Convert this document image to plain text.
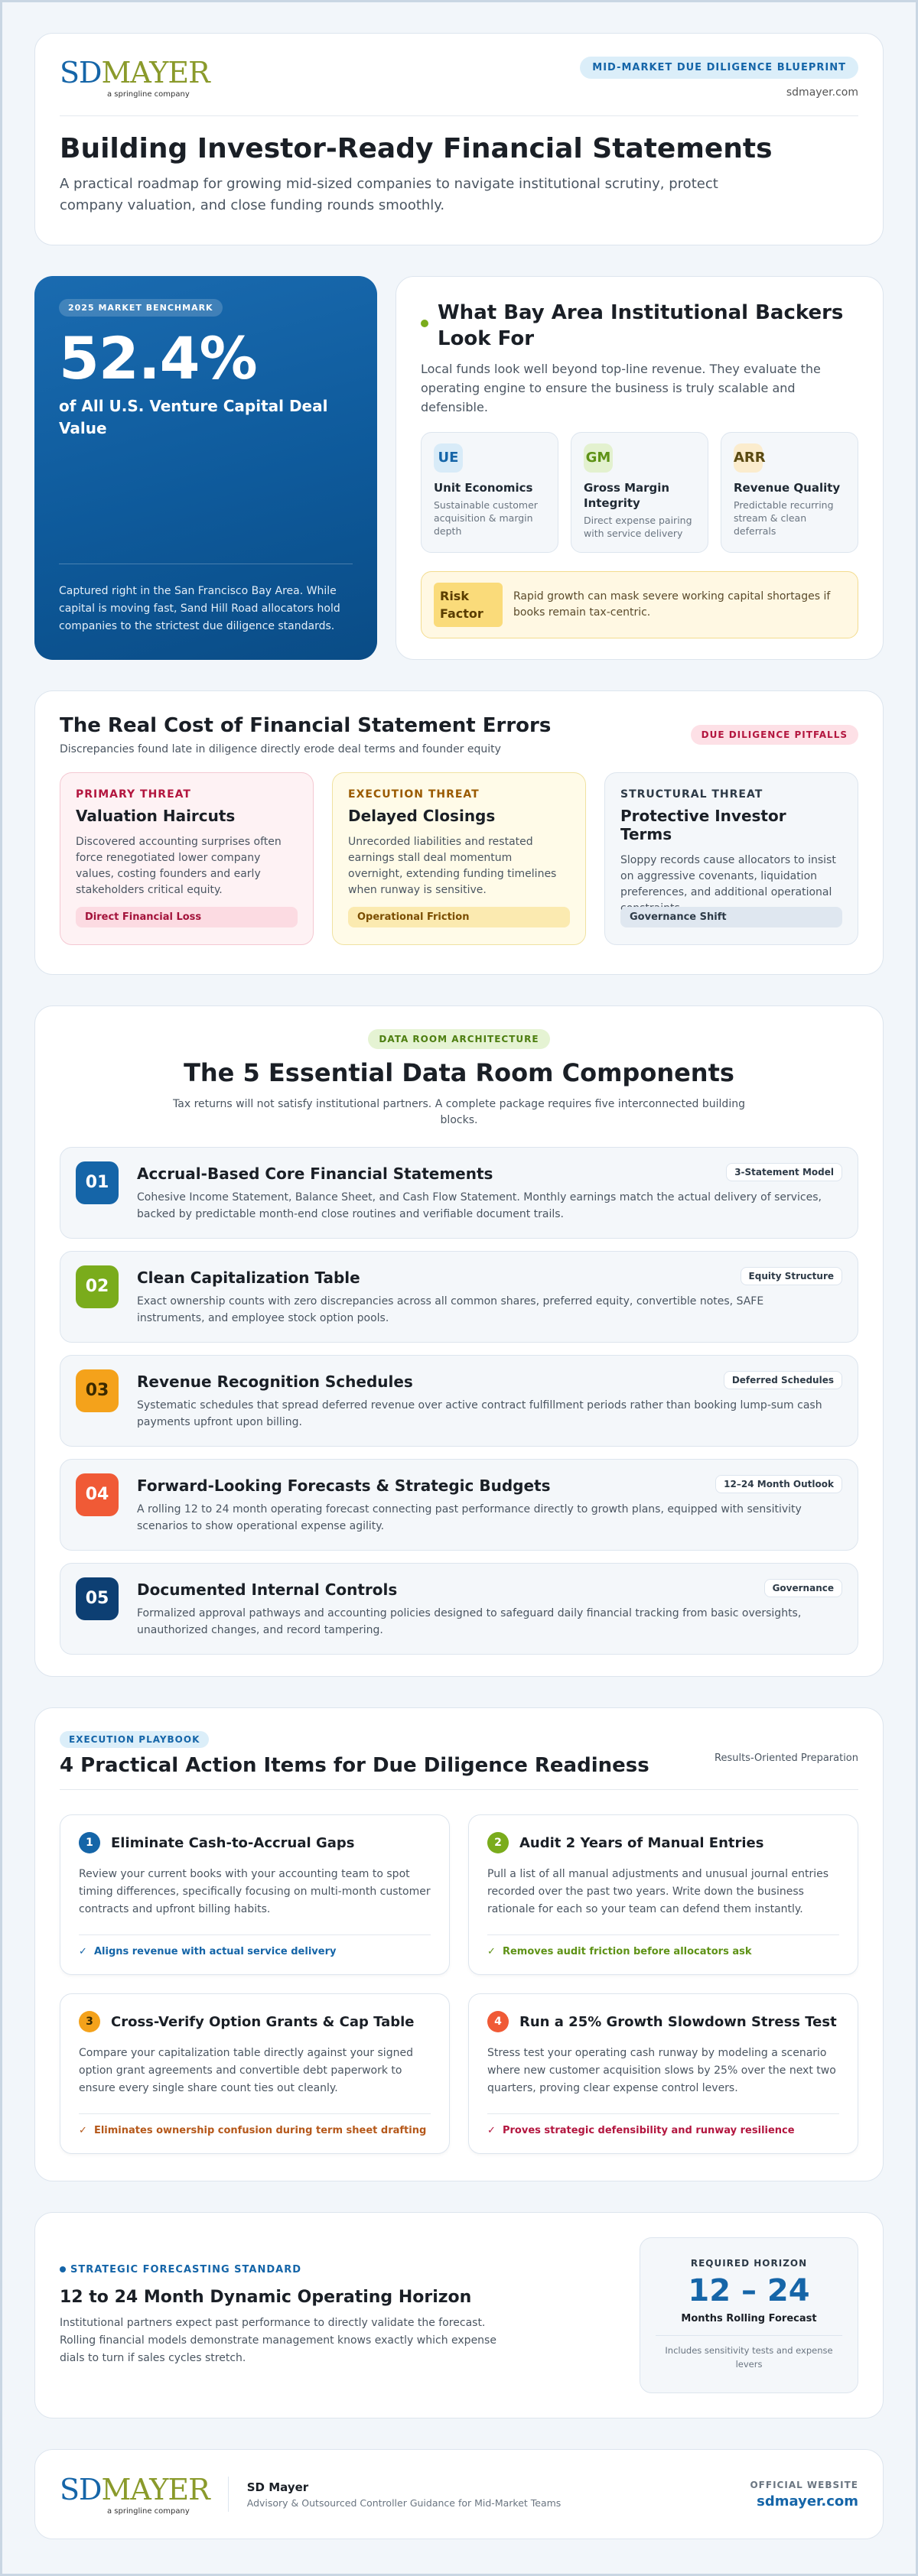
SDMAYER
a springline company
MID-MARKET DUE DILIGENCE BLUEPRINT
sdmayer.com
Building Investor-Ready Financial Statements

A practical roadmap for growing mid-sized companies to navigate institutional scrutiny, protect company valuation, and close funding rounds smoothly.

2025 MARKET BENCHMARK
52.4%
of All U.S. Venture Capital Deal Value
Captured right in the San Francisco Bay Area. While capital is moving fast, Sand Hill Road allocators hold companies to the strictest due diligence standards.
What Bay Area Institutional Backers Look For

Local funds look well beyond top-line revenue. They evaluate the operating engine to ensure the business is truly scalable and defensible.

UE
Unit Economics
Sustainable customer acquisition & margin depth
GM
Gross Margin Integrity
Direct expense pairing with service delivery
ARR
Revenue Quality
Predictable recurring stream & clean deferrals
Risk Factor
Rapid growth can mask severe working capital shortages if books remain tax-centric.
The Real Cost of Financial Statement Errors
Discrepancies found late in diligence directly erode deal terms and founder equity
DUE DILIGENCE PITFALLS
PRIMARY THREAT
Valuation Haircuts
Discovered accounting surprises often force renegotiated lower company values, costing founders and early stakeholders critical equity.
Direct Financial Loss
EXECUTION THREAT
Delayed Closings
Unrecorded liabilities and restated earnings stall deal momentum overnight, extending funding timelines when runway is sensitive.
Operational Friction
STRUCTURAL THREAT
Protective Investor Terms
Sloppy records cause allocators to insist on aggressive covenants, liquidation preferences, and additional operational
Governance Shift
DATA ROOM ARCHITECTURE
The 5 Essential Data Room Components

Tax returns will not satisfy institutional partners. A complete package requires five interconnected building blocks.

01	Accrual-Based Core Financial Statements
Cohesive Income Statement, Balance Sheet, and Cash Flow Statement. Monthly earnings match the actual delivery of services, backed by predictable month-end close routines and verifiable document trails.
3-Statement Model
02	Clean Capitalization Table
Exact ownership counts with zero discrepancies across all common shares, preferred equity, convertible notes, SAFE instruments, and employee stock option pools.
Equity Structure
03	Revenue Recognition Schedules
Systematic schedules that spread deferred revenue over active contract fulfillment periods rather than booking lump-sum cash payments upfront upon billing.
Deferred Schedules
04	Forward-Looking Forecasts & Strategic Budgets
A rolling 12 to 24 month operating forecast connecting past performance directly to growth plans, equipped with sensitivity scenarios to show operational expense agility.
12–24 Month Outlook
05	Documented Internal Controls
Formalized approval pathways and accounting policies designed to safeguard daily financial tracking from basic oversights, unauthorized changes, and record tampering.
Governance
EXECUTION PLAYBOOK
4 Practical Action Items for Due Diligence Readiness	Results-Oriented Preparation
1	Eliminate Cash-to-Accrual Gaps
Review your current books with your accounting team to spot timing differences, specifically focusing on multi-month customer contracts and upfront billing habits.
✓ Aligns revenue with actual service delivery
2	Audit 2 Years of Manual Entries
Pull a list of all manual adjustments and unusual journal entries recorded over the past two years. Write down the business rationale for each so your team can defend them instantly.
✓ Removes audit friction before allocators ask
3	Cross-Verify Option Grants & Cap Table
Compare your capitalization table directly against your signed option grant agreements and convertible debt paperwork to ensure every single share count ties out cleanly.
✓ Eliminates ownership confusion during term sheet drafting
4	Run a 25% Growth Slowdown Stress Test
Stress test your operating cash runway by modeling a scenario where new customer acquisition slows by 25% over the next two quarters, proving clear expense control levers.
✓ Proves strategic defensibility and runway resilience
STRATEGIC FORECASTING STANDARD
12 to 24 Month Dynamic Operating Horizon

Institutional partners expect past performance to directly validate the forecast. Rolling financial models demonstrate management knows exactly which expense dials to turn if sales cycles stretch.

REQUIRED HORIZON
12 – 24
Months Rolling Forecast
Includes sensitivity tests and expense levers
SDMAYER
a springline company
SD Mayer
Advisory & Outsourced Controller Guidance for Mid-Market Teams
OFFICIAL WEBSITE
sdmayer.com
